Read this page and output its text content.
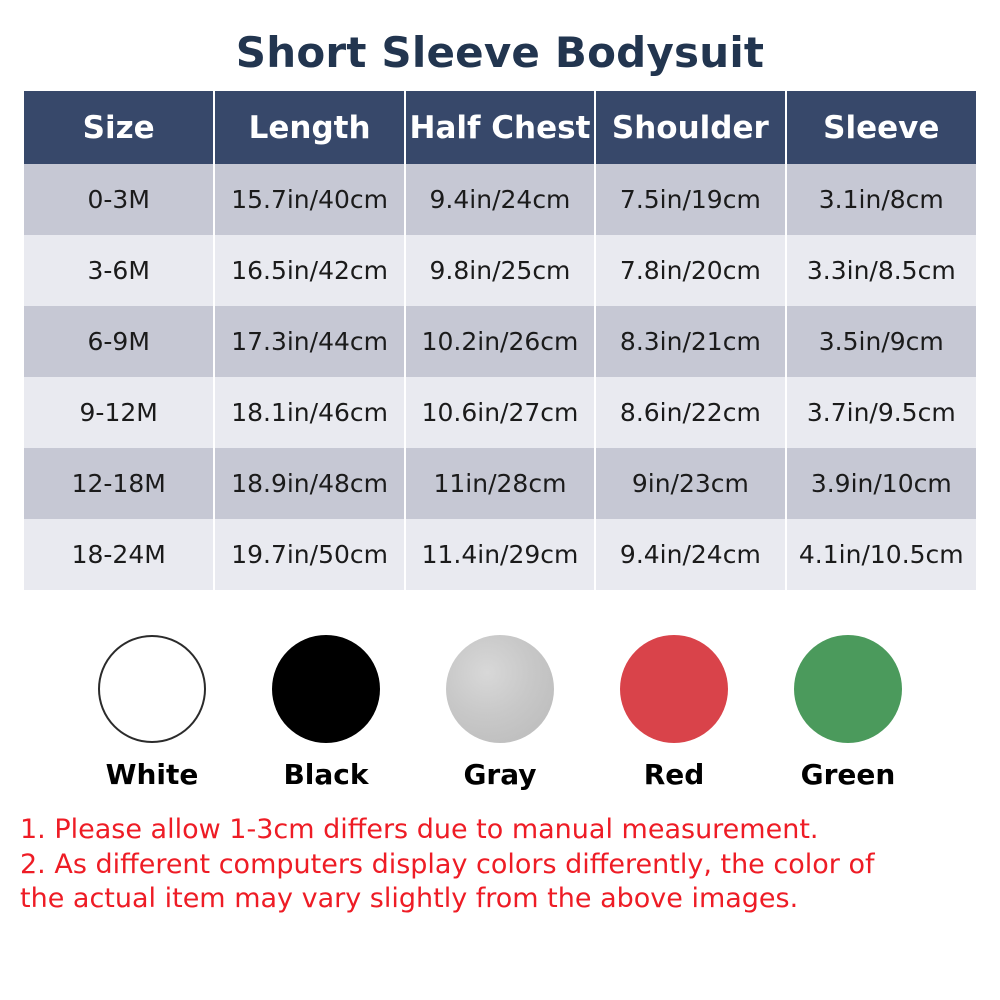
Short Sleeve Bodysuit
Size	Length	Half Chest	Shoulder	Sleeve
0-3M	15.7in/40cm	9.4in/24cm	7.5in/19cm	3.1in/8cm
3-6M	16.5in/42cm	9.8in/25cm	7.8in/20cm	3.3in/8.5cm
6-9M	17.3in/44cm	10.2in/26cm	8.3in/21cm	3.5in/9cm
9-12M	18.1in/46cm	10.6in/27cm	8.6in/22cm	3.7in/9.5cm
12-18M	18.9in/48cm	11in/28cm	9in/23cm	3.9in/10cm
18-24M	19.7in/50cm	11.4in/29cm	9.4in/24cm	4.1in/10.5cm
White	Black	Gray	Red	Green
1. Please allow 1-3cm differs due to manual measurement.
2. As different computers display colors differently, the color of
the actual item may vary slightly from the above images.
